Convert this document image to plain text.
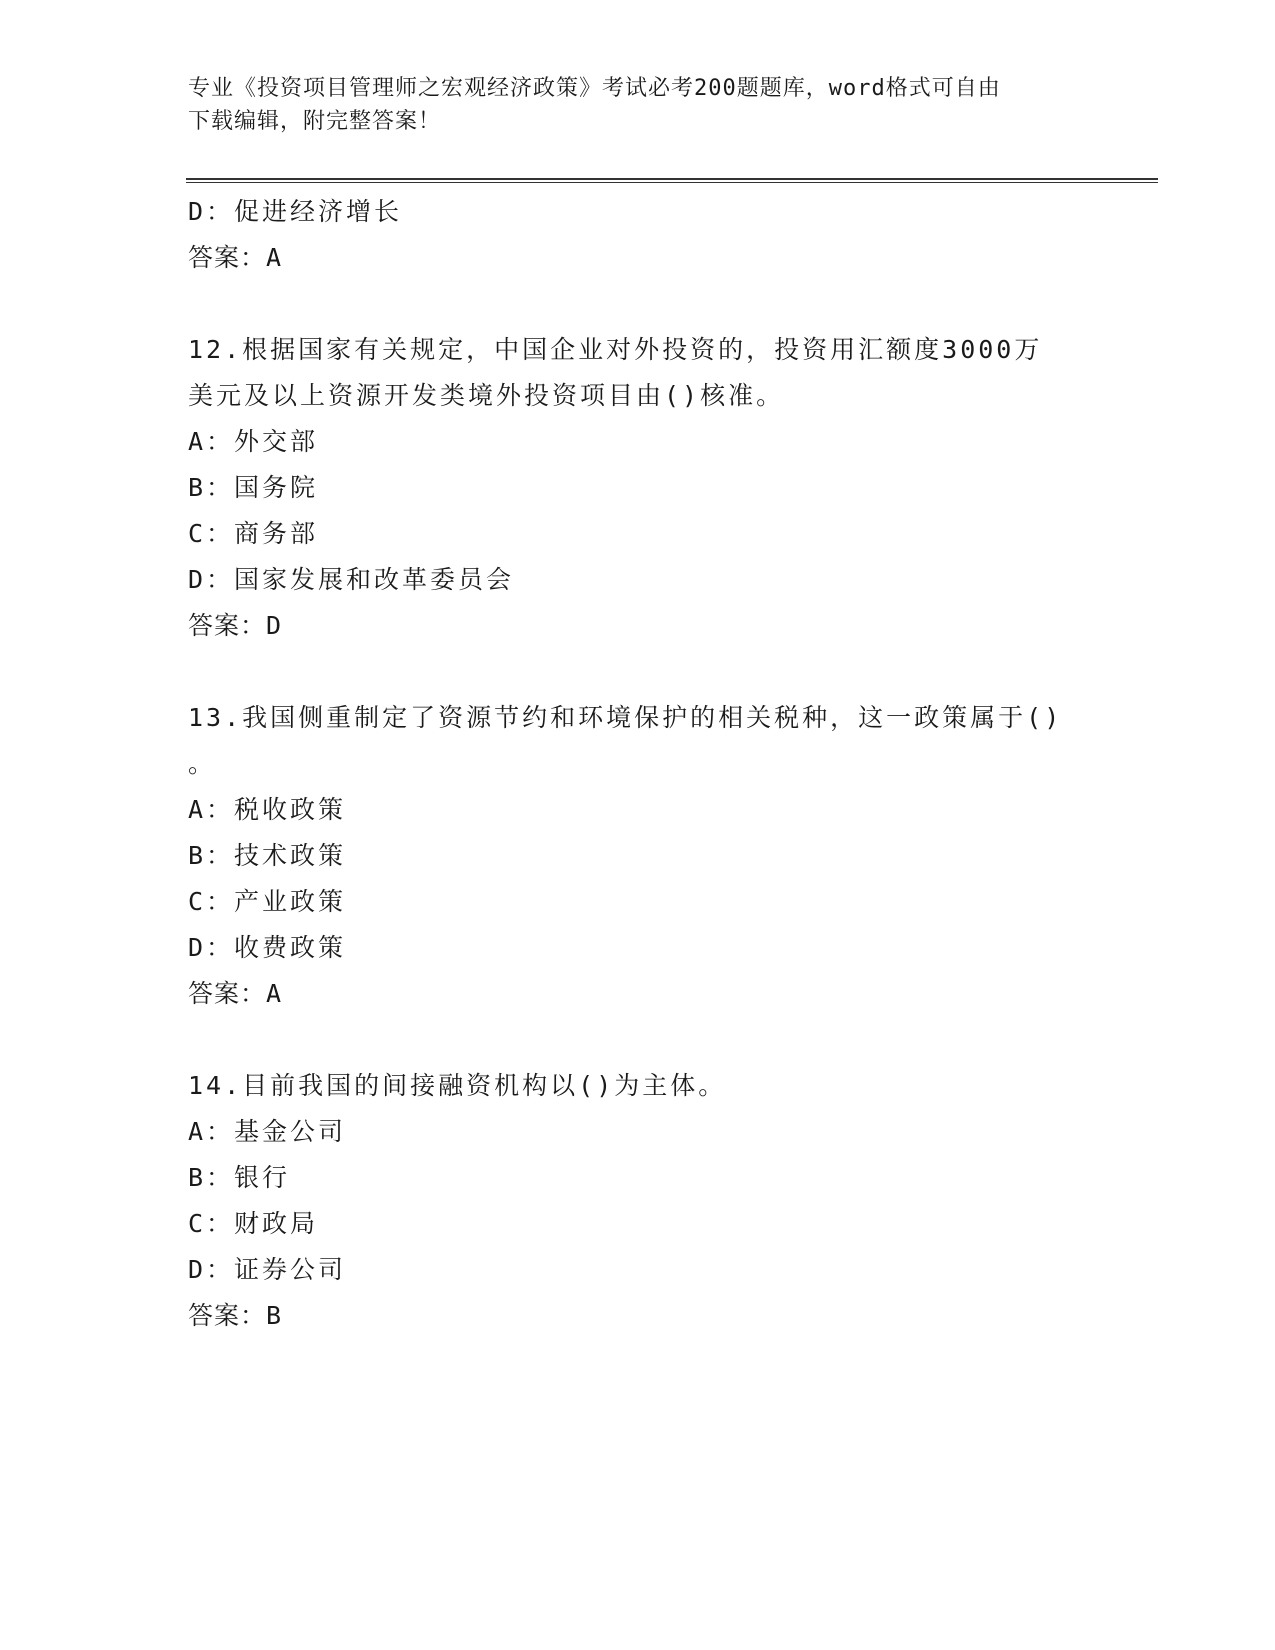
专业《投资项目管理师之宏观经济政策》考试必考200题题库，word格式可自由
下载编辑，附完整答案！
D：促进经济增长
答案：A
12.根据国家有关规定，中国企业对外投资的，投资用汇额度3000万
美元及以上资源开发类境外投资项目由()核准。
A：外交部
B：国务院
C：商务部
D：国家发展和改革委员会
答案：D
13.我国侧重制定了资源节约和环境保护的相关税种，这一政策属于()
。
A：税收政策
B：技术政策
C：产业政策
D：收费政策
答案：A
14.目前我国的间接融资机构以()为主体。
A：基金公司
B：银行
C：财政局
D：证券公司
答案：B
